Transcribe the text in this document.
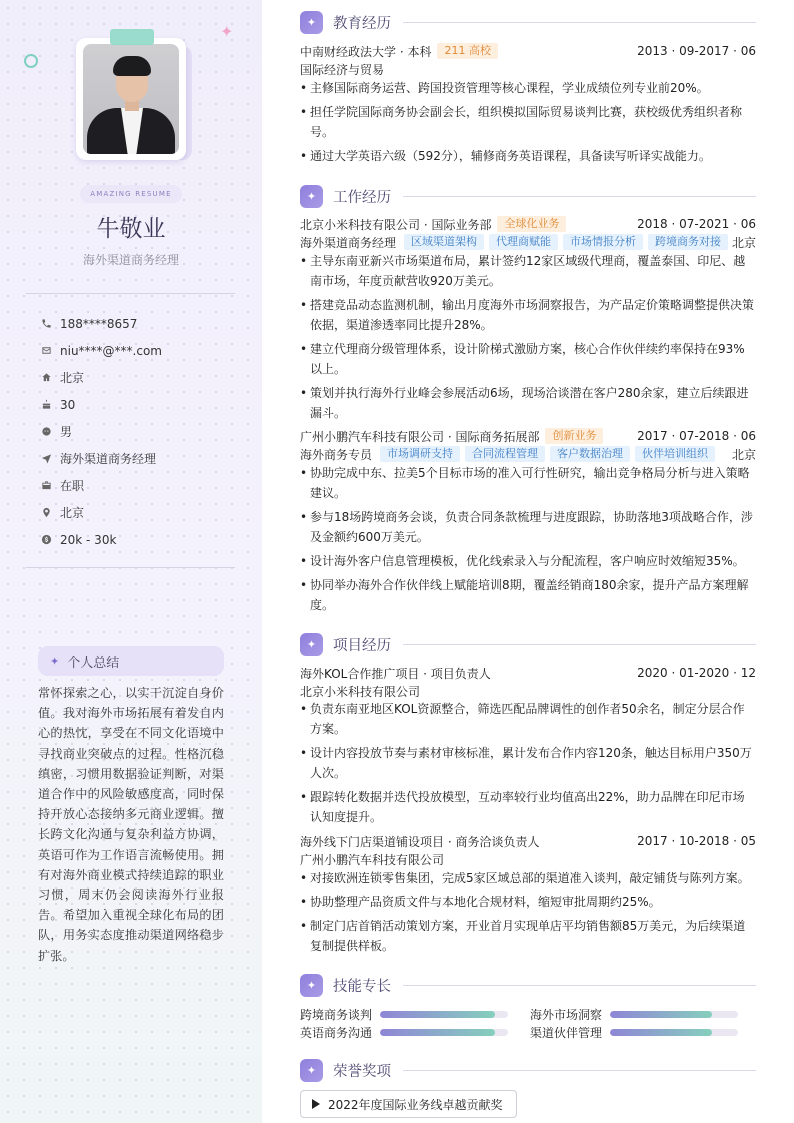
✦
AMAZING RESUME
牛敬业
海外渠道商务经理
188****8657
niu****@***.com
北京
30
男
海外渠道商务经理
在职
北京
20k - 30k
✦ 个人总结
常怀探索之心，以实干沉淀自身价值。我对海外市场拓展有着发自内心的热忱，享受在不同文化语境中寻找商业突破点的过程。性格沉稳缜密，习惯用数据验证判断，对渠道合作中的风险敏感度高，同时保持开放心态接纳多元商业逻辑。擅长跨文化沟通与复杂利益方协调，英语可作为工作语言流畅使用。拥有对海外商业模式持续追踪的职业习惯，周末仍会阅读海外行业报告。希望加入重视全球化布局的团队，用务实态度推动渠道网络稳步扩张。
✦	教育经历
中南财经政法大学 · 本科	211 高校	2013 · 09-2017 · 06
国际经济与贸易
• 主修国际商务运营、跨国投资管理等核心课程，学业成绩位列专业前20%。
• 担任学院国际商务协会副会长，组织模拟国际贸易谈判比赛，获校级优秀组织者称号。
• 通过大学英语六级（592分），辅修商务英语课程，具备读写听译实战能力。
✦	工作经历
北京小米科技有限公司 · 国际业务部	全球化业务	2018 · 07-2021 · 06
海外渠道商务经理	区域渠道架构	代理商赋能	市场情报分析	跨境商务对接 北京
• 主导东南亚新兴市场渠道布局，累计签约12家区域级代理商，覆盖泰国、印尼、越南市场，年度贡献营收920万美元。
• 搭建竞品动态监测机制，输出月度海外市场洞察报告，为产品定价策略调整提供决策依据，渠道渗透率同比提升28%。
• 建立代理商分级管理体系，设计阶梯式激励方案，核心合作伙伴续约率保持在93%以上。
• 策划并执行海外行业峰会参展活动6场，现场洽谈潜在客户280余家，建立后续跟进漏斗。
广州小鹏汽车科技有限公司 · 国际商务拓展部	创新业务	2017 · 07-2018 · 06
海外商务专员	市场调研支持	合同流程管理	客户数据治理	伙伴培训组织	北京
• 协助完成中东、拉美5个目标市场的准入可行性研究，输出竞争格局分析与进入策略建议。
• 参与18场跨境商务会谈，负责合同条款梳理与进度跟踪，协助落地3项战略合作，涉及金额约600万美元。
• 设计海外客户信息管理模板，优化线索录入与分配流程，客户响应时效缩短35%。
• 协同举办海外合作伙伴线上赋能培训8期，覆盖经销商180余家，提升产品方案理解度。
✦	项目经历
海外KOL合作推广项目 · 项目负责人	2020 · 01-2020 · 12
北京小米科技有限公司
• 负责东南亚地区KOL资源整合，筛选匹配品牌调性的创作者50余名，制定分层合作方案。
• 设计内容投放节奏与素材审核标准，累计发布合作内容120条，触达目标用户350万人次。
• 跟踪转化数据并迭代投放模型，互动率较行业均值高出22%，助力品牌在印尼市场认知度提升。
海外线下门店渠道铺设项目 · 商务洽谈负责人	2017 · 10-2018 · 05
广州小鹏汽车科技有限公司
• 对接欧洲连锁零售集团，完成5家区域总部的渠道准入谈判，敲定铺货与陈列方案。
• 协助整理产品资质文件与本地化合规材料，缩短审批周期约25%。
• 制定门店首销活动策划方案，开业首月实现单店平均销售额85万美元，为后续渠道复制提供样板。
✦	技能专长
跨境商务谈判	海外市场洞察
英语商务沟通	渠道伙伴管理
✦	荣誉奖项
2022年度国际业务线卓越贡献奖
